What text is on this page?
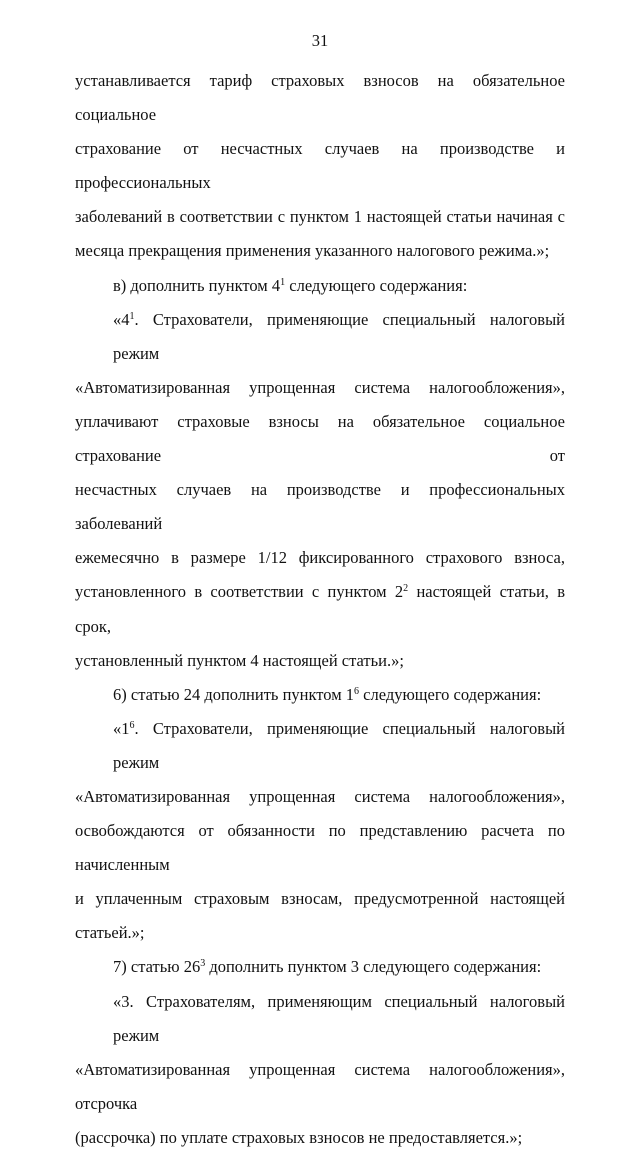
31

устанавливается тариф страховых взносов на обязательное социальное
страхование от несчастных случаев на производстве и профессиональных
заболеваний в соответствии с пунктом 1 настоящей статьи начиная с
месяца прекращения применения указанного налогового режима.»;

в) дополнить пунктом $4^1$ следующего содержания:

«$4^1$. Страхователи, применяющие специальный налоговый режим
«Автоматизированная упрощенная система налогообложения»,
уплачивают страховые взносы на обязательное социальное страхование от
несчастных случаев на производстве и профессиональных заболеваний
ежемесячно в размере 1/12 фиксированного страхового взноса,
установленного в соответствии с пунктом $2^2$ настоящей статьи, в срок,
установленный пунктом 4 настоящей статьи.»;

6) статью 24 дополнить пунктом $1^6$ следующего содержания:

«$1^6$. Страхователи, применяющие специальный налоговый режим
«Автоматизированная упрощенная система налогообложения»,
освобождаются от обязанности по представлению расчета по начисленным
и уплаченным страховым взносам, предусмотренной настоящей статьей.»;

7) статью $26^3$ дополнить пунктом 3 следующего содержания:

«3. Страхователям, применяющим специальный налоговый режим
«Автоматизированная упрощенная система налогообложения», отсрочка
(рассрочка) по уплате страховых взносов не предоставляется.»;
